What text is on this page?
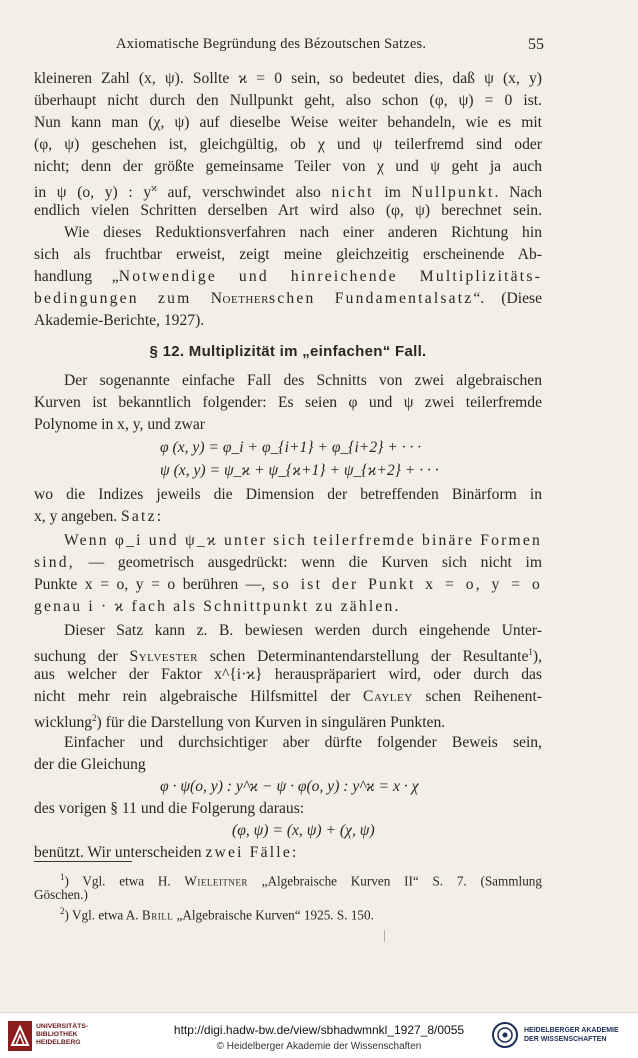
Axiomatische Begründung des Bézoutschen Satzes.	55
kleineren Zahl (x, ψ). Sollte ϰ = 0 sein, so bedeutet dies, daß ψ (x, y)
überhaupt nicht durch den Nullpunkt geht, also schon (φ, ψ) = 0 ist.
Nun kann man (χ, ψ) auf dieselbe Weise weiter behandeln, wie es mit
(φ, ψ) geschehen ist, gleichgültig, ob χ und ψ teilerfremd sind oder
nicht; denn der größte gemeinsame Teiler von χ und ψ geht ja auch
in ψ (o, y) : $y^ϰ$ auf, verschwindet also nicht im Nullpunkt. Nach
endlich vielen Schritten derselben Art wird also (φ, ψ) berechnet sein.
Wie dieses Reduktionsverfahren nach einer anderen Richtung hin
sich als fruchtbar erweist, zeigt meine gleichzeitig erscheinende Ab-
handlung „Notwendige und hinreichende Multiplizitäts-
bedingungen zum Noetherschen Fundamentalsatz“. (Diese
Akademie-Berichte, 1927).
§ 12. Multiplizität im „einfachen“ Fall.
Der sogenannte einfache Fall des Schnitts von zwei algebraischen
Kurven ist bekanntlich folgender: Es seien φ und ψ zwei teilerfremde
Polynome in x, y, und zwar
φ (x, y) = φ_i + φ_{i+1} + φ_{i+2} + · · ·
ψ (x, y) = ψ_ϰ + ψ_{ϰ+1} + ψ_{ϰ+2} + · · ·
wo die Indizes jeweils die Dimension der betreffenden Binärform in
x, y angeben. Satz:
Wenn φ_i und ψ_ϰ unter sich teilerfremde binäre Formen
sind, — geometrisch ausgedrückt: wenn die Kurven sich nicht im
Punkte x = o, y = o berühren —, so ist der Punkt x = o, y = o
genau i · ϰ fach als Schnittpunkt zu zählen.
Dieser Satz kann z. B. bewiesen werden durch eingehende Unter-
suchung der Sylvester schen Determinantendarstellung der Resultante$^1$),
aus welcher der Faktor x^{i·ϰ} herauspräpariert wird, oder durch das
nicht mehr rein algebraische Hilfsmittel der Cayley schen Reihenent-
wicklung$^2$) für die Darstellung von Kurven in singulären Punkten.
Einfacher und durchsichtiger aber dürfte folgender Beweis sein,
der die Gleichung
φ · ψ(o, y) : y^ϰ − ψ · φ(o, y) : y^ϰ = x · χ
des vorigen § 11 und die Folgerung daraus:
(φ, ψ) = (x, ψ) + (χ, ψ)
benützt. Wir unterscheiden zwei Fälle:
$^1$) Vgl. etwa H. Wieleitner „Algebraische Kurven II“ S. 7. (Sammlung
Göschen.)
$^2$) Vgl. etwa A. Brill „Algebraische Kurven“ 1925. S. 150.
UNIVERSITÄTS-
BIBLIOTHEK
HEIDELBERG
http://digi.hadw-bw.de/view/sbhadwmnkl_1927_8/0055
© Heidelberger Akademie der Wissenschaften
HEIDELBERGER AKADEMIE
DER WISSENSCHAFTEN
